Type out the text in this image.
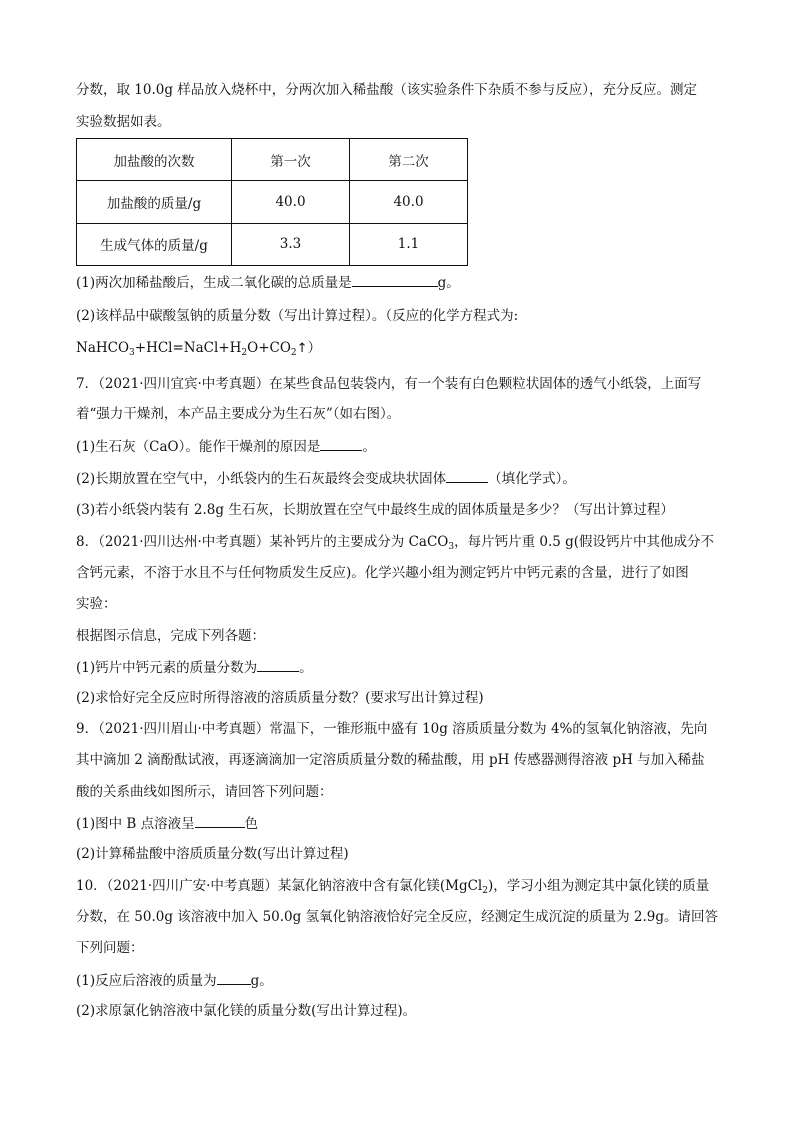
分数，取 10.0g 样品放入烧杯中，分两次加入稀盐酸（该实验条件下杂质不参与反应），充分反应。测定
实验数据如表。
加盐酸的次数	第一次	第二次
加盐酸的质量/g	40.0	40.0
生成气体的质量/g	3.3	1.1
(1)两次加稀盐酸后，生成二氧化碳的总质量是	g。
(2)该样品中碳酸氢钠的质量分数（写出计算过程）。（反应的化学方程式为:
$NaHCO_3+HCl=NaCl+H_2O+CO_2↑$）
7．（2021·四川宜宾·中考真题）在某些食品包装袋内，有一个装有白色颗粒状固体的透气小纸袋，上面写
着“强力干燥剂，本产品主要成分为生石灰”（如右图）。
(1)生石灰（CaO）。能作干燥剂的原因是	。
(2)长期放置在空气中，小纸袋内的生石灰最终会变成块状固体	（填化学式）。
(3)若小纸袋内装有 2.8g 生石灰，长期放置在空气中最终生成的固体质量是多少？（写出计算过程）
8．（2021·四川达州·中考真题）某补钙片的主要成分为 CaCO$_3$，每片钙片重 0.5 g(假设钙片中其他成分不
含钙元素，不溶于水且不与任何物质发生反应)。化学兴趣小组为测定钙片中钙元素的含量，进行了如图
实验：
根据图示信息，完成下列各题：
(1)钙片中钙元素的质量分数为	。
(2)求恰好完全反应时所得溶液的溶质质量分数？(要求写出计算过程)
9．（2021·四川眉山·中考真题）常温下，一锥形瓶中盛有 10g 溶质质量分数为 4%的氢氧化钠溶液，先向
其中滴加 2 滴酚酞试液，再逐滴滴加一定溶质质量分数的稀盐酸，用 pH 传感器测得溶液 pH 与加入稀盐
酸的关系曲线如图所示，请回答下列问题：
(1)图中 B 点溶液呈	色
(2)计算稀盐酸中溶质质量分数(写出计算过程)
10．（2021·四川广安·中考真题）某氯化钠溶液中含有氯化镁(MgCl$_2$)，学习小组为测定其中氯化镁的质量
分数，在 50.0g 该溶液中加入 50.0g 氢氧化钠溶液恰好完全反应，经测定生成沉淀的质量为 2.9g。请回答
下列问题：
(1)反应后溶液的质量为	g。
(2)求原氯化钠溶液中氯化镁的质量分数(写出计算过程)。
